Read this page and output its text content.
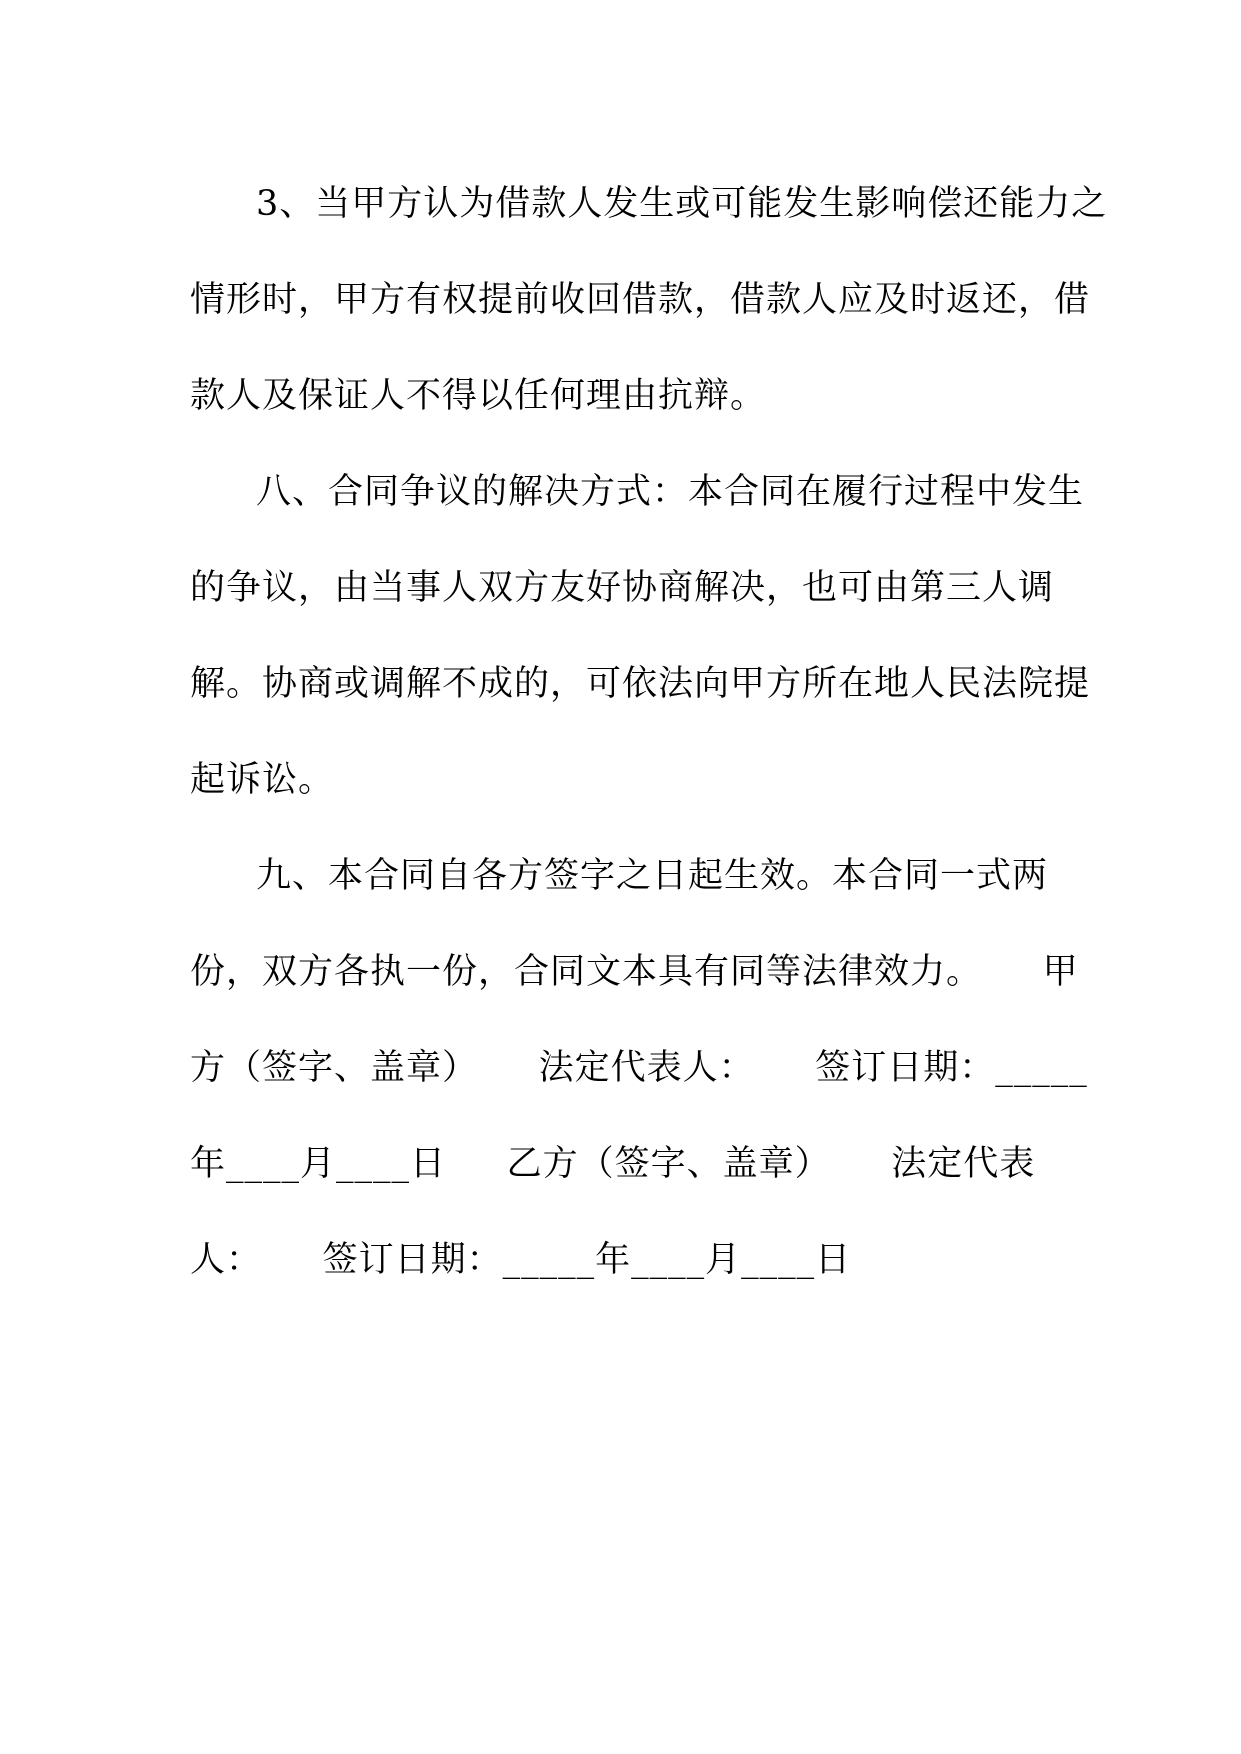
3、当甲方认为借款人发生或可能发生影响偿还能力之
情形时，甲方有权提前收回借款，借款人应及时返还，借
款人及保证人不得以任何理由抗辩。
八、合同争议的解决方式：本合同在履行过程中发生
的争议，由当事人双方友好协商解决，也可由第三人调
解。协商或调解不成的，可依法向甲方所在地人民法院提
起诉讼。
九、本合同自各方签字之日起生效。本合同一式两
份，双方各执一份，合同文本具有同等法律效力。     甲
方（签字、盖章）     法定代表人：     签订日期：_____
年____月____日     乙方（签字、盖章）     法定代表
人：     签订日期：_____年____月____日
